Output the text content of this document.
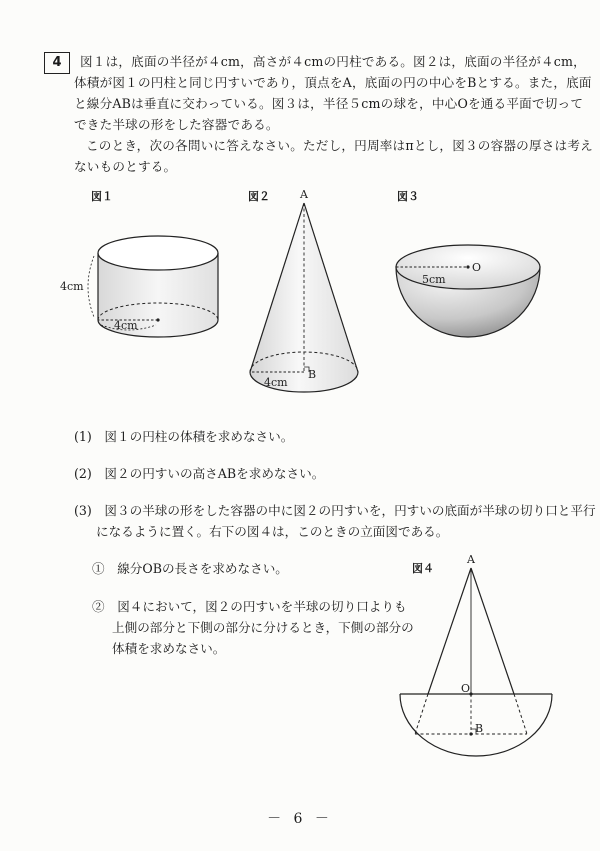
4	図１は，底面の半径が４cm，高さが４cmの円柱である。図２は，底面の半径が４cm，
体積が図１の円柱と同じ円すいであり，頂点をA，底面の円の中心をBとする。また，底面
と線分ABは垂直に交わっている。図３は，半径５cmの球を，中心Oを通る平面で切って
できた半球の形をした容器である。
このとき，次の各問いに答えなさい。ただし，円周率はπとし，図３の容器の厚さは考え
ないものとする。
図１	図２	図３
図４
4cm
4cm
A
B
4cm
O
5cm
(1)　図１の円柱の体積を求めなさい。
(2)　図２の円すいの高さABを求めなさい。
(3)　図３の半球の形をした容器の中に図２の円すいを，円すいの底面が半球の切り口と平行
になるように置く。右下の図４は，このときの立面図である。
①　線分OBの長さを求めなさい。
②　図４において，図２の円すいを半球の切り口よりも
上側の部分と下側の部分に分けるとき，下側の部分の
体積を求めなさい。
A
O
B
－ 6 －
